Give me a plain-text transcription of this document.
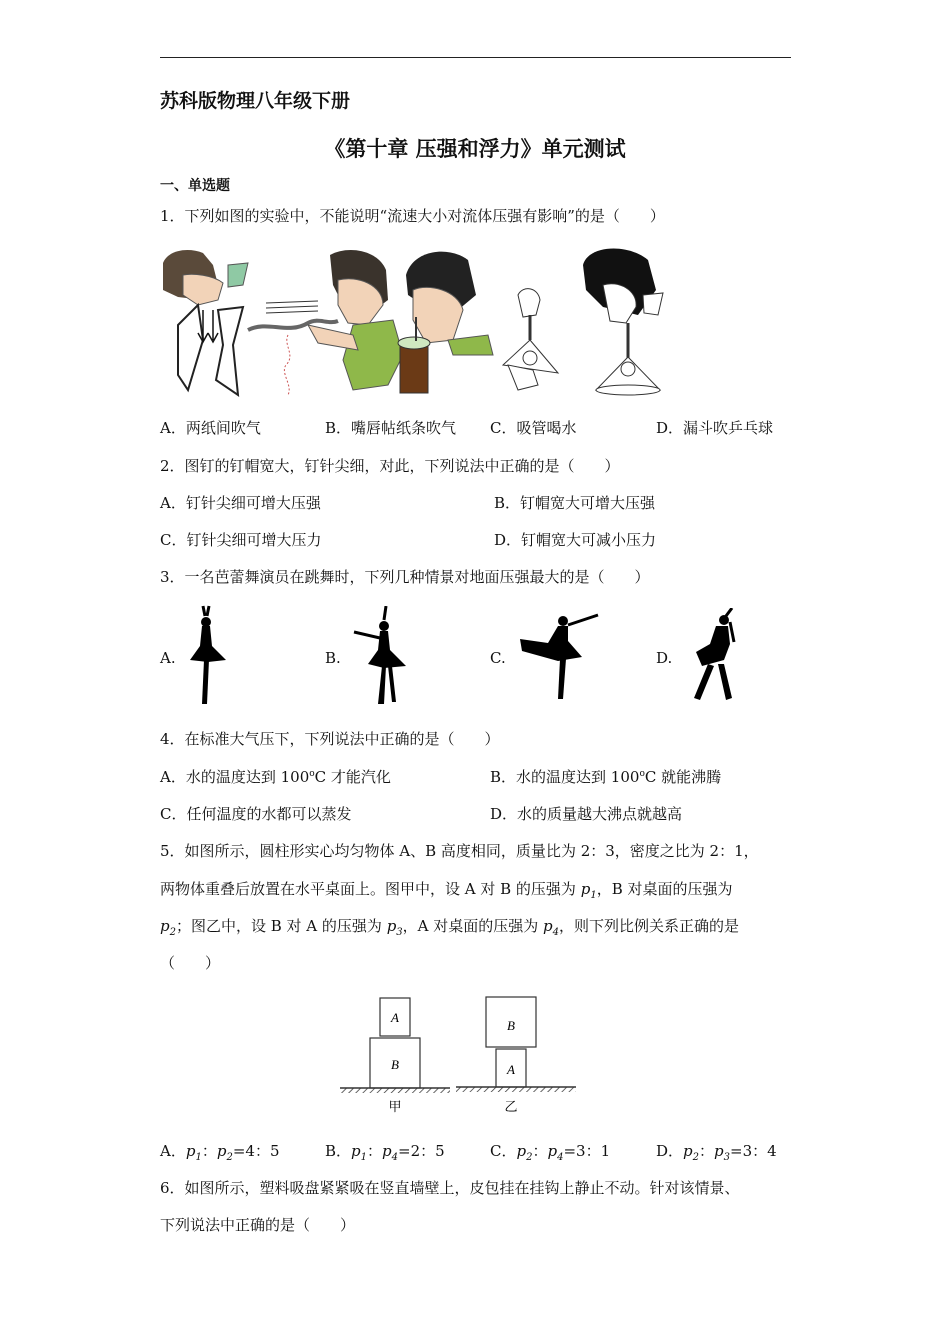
苏科版物理八年级下册
《第十章 压强和浮力》单元测试
一、单选题
1．下列如图的实验中，不能说明“流速大小对流体压强有影响”的是（　　）
A．两纸间吹气	B．嘴唇帖纸条吹气 C．吸管喝水	D．漏斗吹乒乓球
2．图钉的钉帽宽大，钉针尖细，对此，下列说法中正确的是（　　）
A．钉针尖细可增大压强	B．钉帽宽大可增大压强
C．钉针尖细可增大压力	D．钉帽宽大可减小压力
3．一名芭蕾舞演员在跳舞时，下列几种情景对地面压强最大的是（　　）
A.	B.	C.	D.
4．在标准大气压下，下列说法中正确的是（　　）
A．水的温度达到 100$^o$C 才能汽化	B．水的温度达到 100$^o$C 就能沸腾
C．任何温度的水都可以蒸发	D．水的质量越大沸点就越高
5．如图所示，圆柱形实心均匀物体 A、B 高度相同，质量比为 2：3，密度之比为 2：1，
两物体重叠后放置在水平桌面上。图甲中，设 A 对 B 的压强为 $p_1$，B 对桌面的压强为
$p_2$；图乙中，设 B 对 A 的压强为 $p_3$，A 对桌面的压强为 $p_4$，则下列比例关系正确的是
（　　）
A
B
甲
B
A
乙
A．$p_1$：$p_2=4$：5	B．$p_1$：$p_4=2$：5	C．$p_2$：$p_4=3$：1	D．$p_2$：$p_3=3$：4
6．如图所示，塑料吸盘紧紧吸在竖直墙壁上，皮包挂在挂钩上静止不动。针对该情景、
下列说法中正确的是（　　）
